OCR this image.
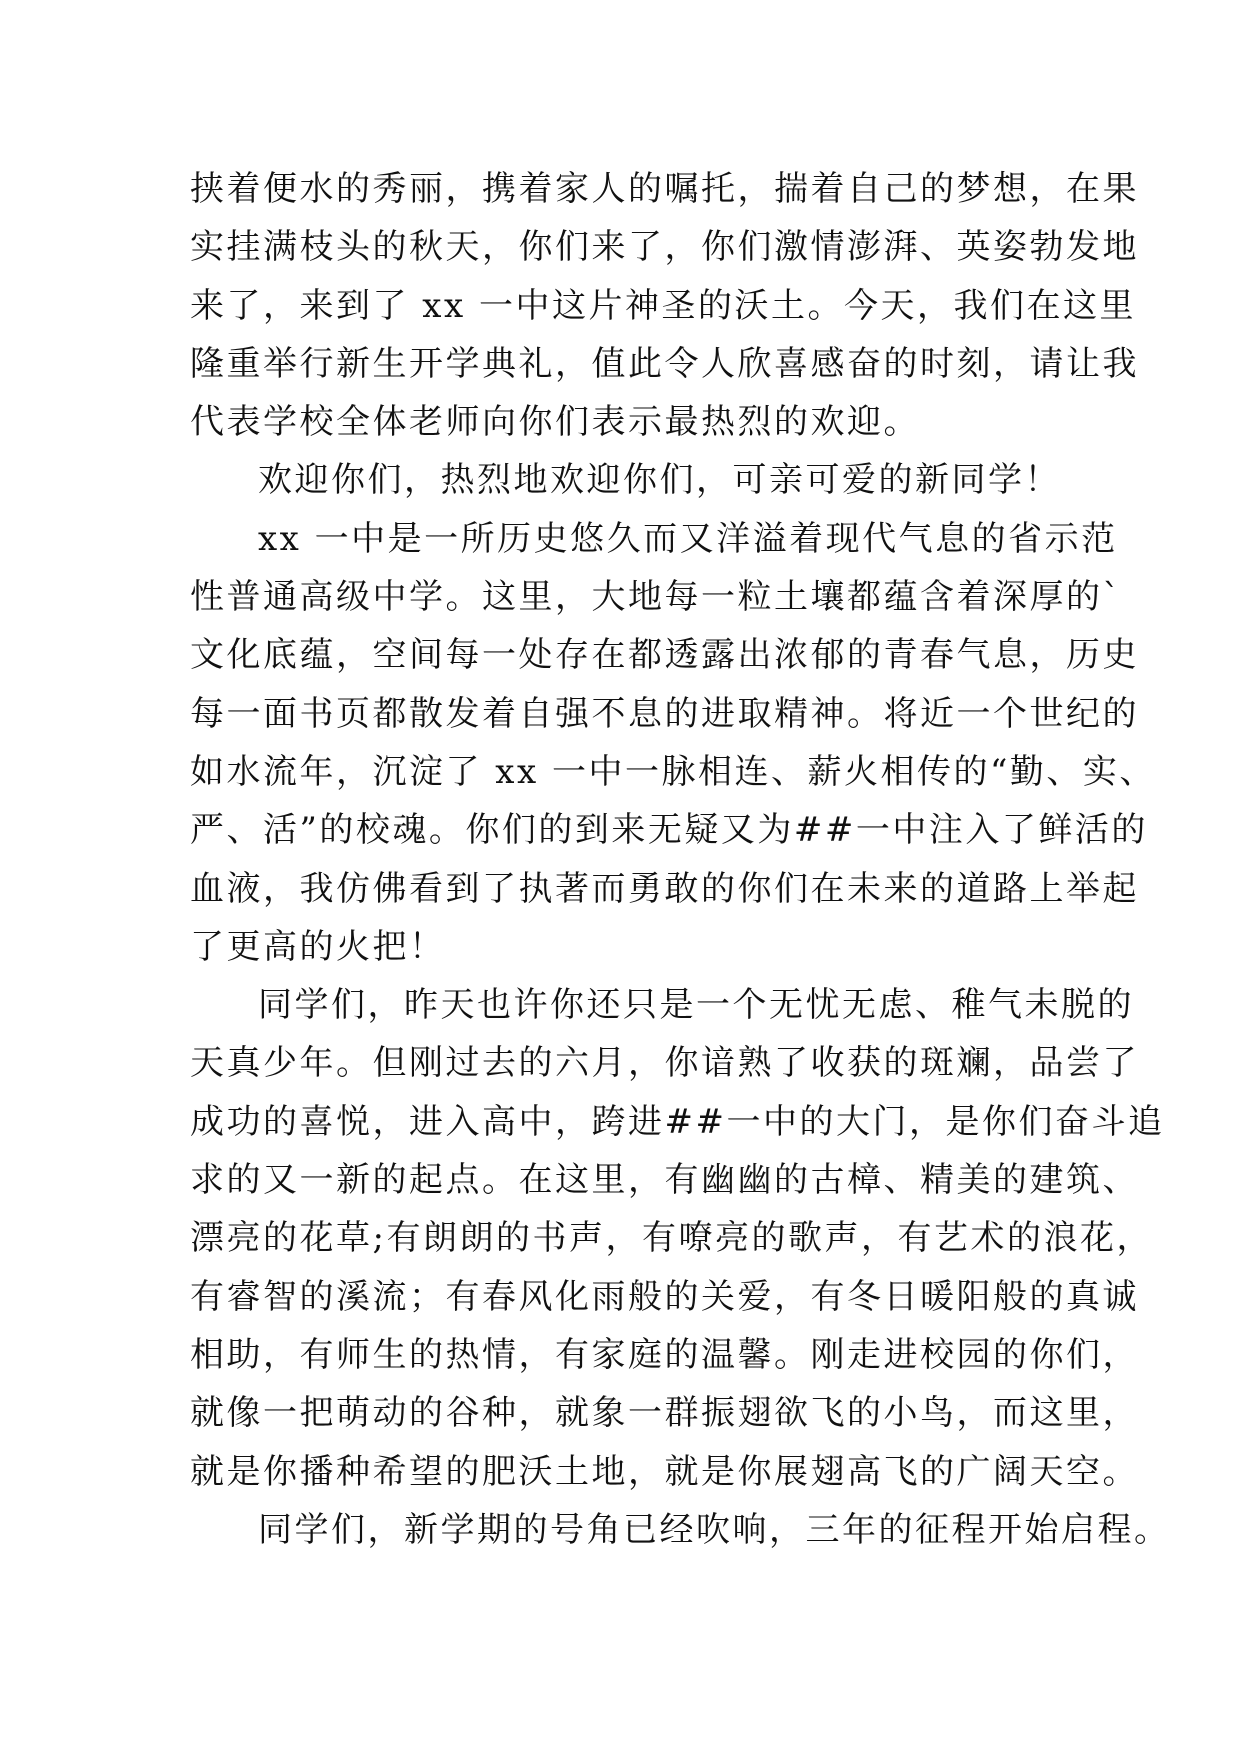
挟着便水的秀丽，携着家人的嘱托，揣着自己的梦想，在果
实挂满枝头的秋天，你们来了，你们激情澎湃、英姿勃发地
来了，来到了 xx 一中这片神圣的沃土。今天，我们在这里
隆重举行新生开学典礼，值此令人欣喜感奋的时刻，请让我
代表学校全体老师向你们表示最热烈的欢迎。
欢迎你们，热烈地欢迎你们，可亲可爱的新同学！
xx 一中是一所历史悠久而又洋溢着现代气息的省示范
性普通高级中学。这里，大地每一粒土壤都蕴含着深厚的`
文化底蕴，空间每一处存在都透露出浓郁的青春气息，历史
每一面书页都散发着自强不息的进取精神。将近一个世纪的
如水流年，沉淀了 xx 一中一脉相连、薪火相传的“勤、实、
严、活”的校魂。你们的到来无疑又为##一中注入了鲜活的
血液，我仿佛看到了执著而勇敢的你们在未来的道路上举起
了更高的火把！
同学们，昨天也许你还只是一个无忧无虑、稚气未脱的
天真少年。但刚过去的六月，你谙熟了收获的斑斓，品尝了
成功的喜悦，进入高中，跨进##一中的大门，是你们奋斗追
求的又一新的起点。在这里，有幽幽的古樟、精美的建筑、
漂亮的花草;有朗朗的书声，有嘹亮的歌声，有艺术的浪花，
有睿智的溪流；有春风化雨般的关爱，有冬日暖阳般的真诚
相助，有师生的热情，有家庭的温馨。刚走进校园的你们，
就像一把萌动的谷种，就象一群振翅欲飞的小鸟，而这里，
就是你播种希望的肥沃土地，就是你展翅高飞的广阔天空。
同学们，新学期的号角已经吹响，三年的征程开始启程。
